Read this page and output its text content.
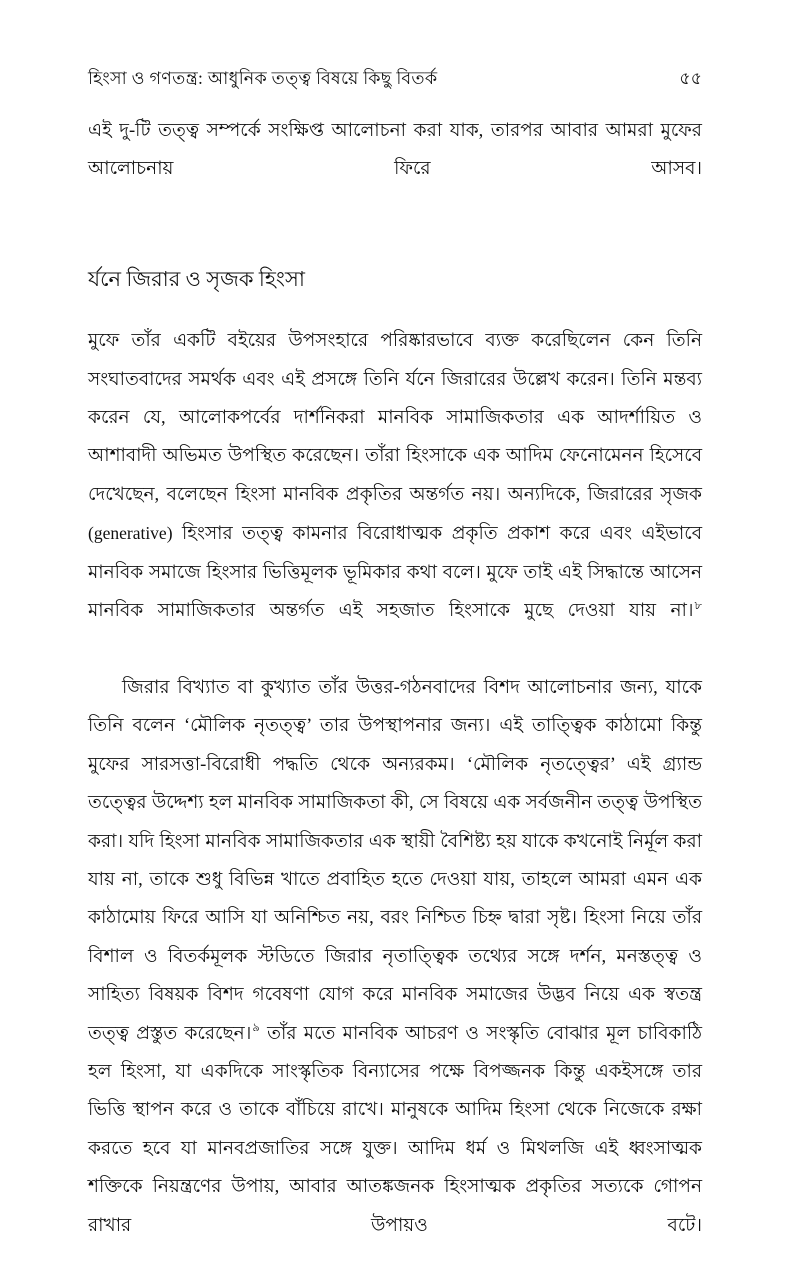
হিংসা ও গণতন্ত্র: আধুনিক তত্ত্ব বিষয়ে কিছু বিতর্ক	৫৫

এই দু-টি তত্ত্ব সম্পর্কে সংক্ষিপ্ত আলোচনা করা যাক, তারপর আবার আমরা মুফের আলোচনায় ফিরে আসব।

র্যনে জিরার ও সৃজক হিংসা

মুফে তাঁর একটি বইয়ের উপসংহারে পরিষ্কারভাবে ব্যক্ত করেছিলেন কেন তিনি সংঘাতবাদের সমর্থক এবং এই প্রসঙ্গে তিনি র্যনে জিরারের উল্লেখ করেন। তিনি মন্তব্য করেন যে, আলোকপর্বের দার্শনিকরা মানবিক সামাজিকতার এক আদর্শায়িত ও আশাবাদী অভিমত উপস্থিত করেছেন। তাঁরা হিংসাকে এক আদিম ফেনোমেনন হিসেবে দেখেছেন, বলেছেন হিংসা মানবিক প্রকৃতির অন্তর্গত নয়। অন্যদিকে, জিরারের সৃজক (generative) হিংসার তত্ত্ব কামনার বিরোধাত্মক প্রকৃতি প্রকাশ করে এবং এইভাবে মানবিক সমাজে হিংসার ভিত্তিমূলক ভূমিকার কথা বলে। মুফে তাই এই সিদ্ধান্তে আসেন মানবিক সামাজিকতার অন্তর্গত এই সহজাত হিংসাকে মুছে দেওয়া যায় না।$^৮$

জিরার বিখ্যাত বা কুখ্যাত তাঁর উত্তর-গঠনবাদের বিশদ আলোচনার জন্য, যাকে তিনি বলেন ‘মৌলিক নৃতত্ত্ব’ তার উপস্থাপনার জন্য। এই তাত্ত্বিক কাঠামো কিন্তু মুফের সারসত্তা-বিরোধী পদ্ধতি থেকে অন্যরকম। ‘মৌলিক নৃতত্ত্বের’ এই গ্র্যান্ড তত্ত্বের উদ্দেশ্য হল মানবিক সামাজিকতা কী, সে বিষয়ে এক সর্বজনীন তত্ত্ব উপস্থিত করা। যদি হিংসা মানবিক সামাজিকতার এক স্থায়ী বৈশিষ্ট্য হয় যাকে কখনোই নির্মূল করা যায় না, তাকে শুধু বিভিন্ন খাতে প্রবাহিত হতে দেওয়া যায়, তাহলে আমরা এমন এক কাঠামোয় ফিরে আসি যা অনিশ্চিত নয়, বরং নিশ্চিত চিহ্ন দ্বারা সৃষ্ট। হিংসা নিয়ে তাঁর বিশাল ও বিতর্কমূলক স্টডিতে জিরার নৃতাত্ত্বিক তথ্যের সঙ্গে দর্শন, মনস্তত্ত্ব ও সাহিত্য বিষয়ক বিশদ গবেষণা যোগ করে মানবিক সমাজের উদ্ভব নিয়ে এক স্বতন্ত্র তত্ত্ব প্রস্তুত করেছেন।$^৯$ তাঁর মতে মানবিক আচরণ ও সংস্কৃতি বোঝার মূল চাবিকাঠি হল হিংসা, যা একদিকে সাংস্কৃতিক বিন্যাসের পক্ষে বিপজ্জনক কিন্তু একইসঙ্গে তার ভিত্তি স্থাপন করে ও তাকে বাঁচিয়ে রাখে। মানুষকে আদিম হিংসা থেকে নিজেকে রক্ষা করতে হবে যা মানবপ্রজাতির সঙ্গে যুক্ত। আদিম ধর্ম ও মিথলজি এই ধ্বংসাত্মক শক্তিকে নিয়ন্ত্রণের উপায়, আবার আতঙ্কজনক হিংসাত্মক প্রকৃতির সত্যকে গোপন রাখার উপায়ও বটে।
